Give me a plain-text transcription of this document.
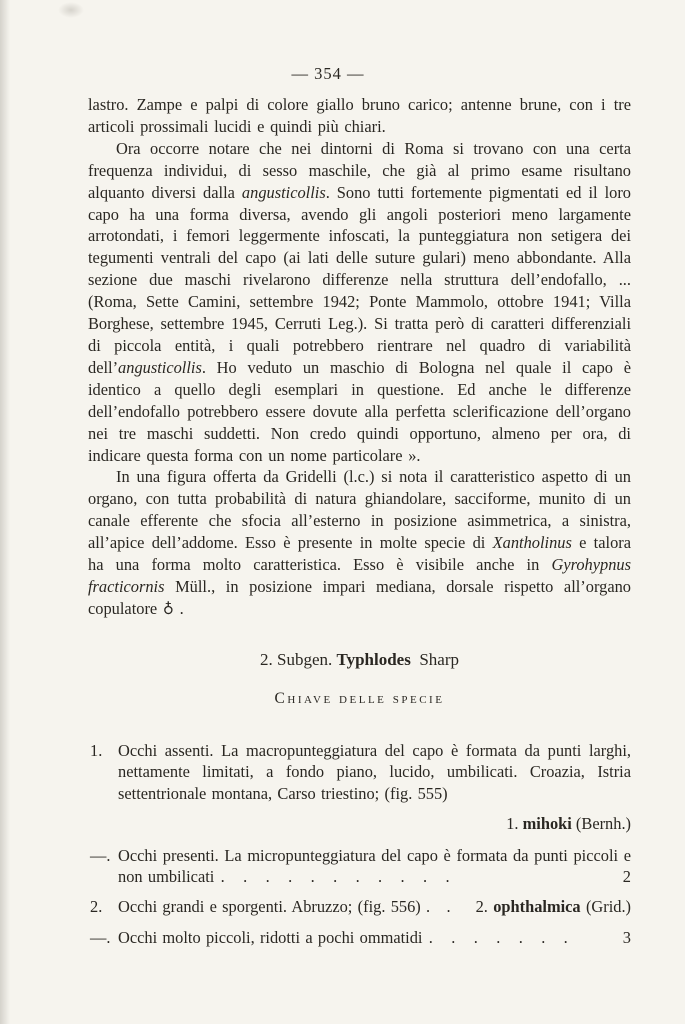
— 354 —

lastro. Zampe e palpi di colore giallo bruno carico; antenne brune, con i tre articoli prossimali lucidi e quindi più chiari.

Ora occorre notare che nei dintorni di Roma si trovano con una certa frequenza individui, di sesso maschile, che già al primo esame risultano alquanto diversi dalla angusticollis. Sono tutti fortemente pigmentati ed il loro capo ha una forma diversa, avendo gli angoli posteriori meno largamente arrotondati, i femori leggermente infoscati, la punteggiatura non setigera dei tegumenti ventrali del capo (ai lati delle suture gulari) meno abbondante. Alla sezione due maschi rivelarono differenze nella struttura dell’endofallo, ... (Roma, Sette Camini, settembre 1942; Ponte Mammolo, ottobre 1941; Villa Borghese, settembre 1945, Cerruti Leg.). Si tratta però di caratteri differenziali di piccola entità, i quali potrebbero rientrare nel quadro di variabilità dell’angusticollis. Ho veduto un maschio di Bologna nel quale il capo è identico a quello degli esemplari in questione. Ed anche le differenze dell’endofallo potrebbero essere dovute alla perfetta sclerificazione dell’organo nei tre maschi suddetti. Non credo quindi opportuno, almeno per ora, di indicare questa forma con un nome particolare ».

In una figura offerta da Gridelli (l.c.) si nota il caratteristico aspetto di un organo, con tutta probabilità di natura ghiandolare, sacciforme, munito di un canale efferente che sfocia all’esterno in posizione asimmetrica, a sinistra, all’apice dell’addome. Esso è presente in molte specie di Xantholinus e talora ha una forma molto caratteristica. Esso è visibile anche in Gyrohypnus fracticornis Müll., in posizione impari mediana, dorsale rispetto all’organo copulatore ♁ .

2. Subgen. Typhlodes Sharp
Chiave delle specie
1. Occhi assenti. La macropunteggiatura del capo è formata da punti larghi, nettamente limitati, a fondo piano, lucido, umbilicati. Croazia, Istria settentrionale montana, Carso triestino; (fig. 555)
1. mihoki (Bernh.)
—. Occhi presenti. La micropunteggiatura del capo è formata da punti piccoli e non umbilicati . . . . . . . . . . .	2
2. Occhi grandi e sporgenti. Abruzzo; (fig. 556) . . 2. ophthalmica (Grid.)
—. Occhi molto piccoli, ridotti a pochi ommatidi . . . . . . .	3
